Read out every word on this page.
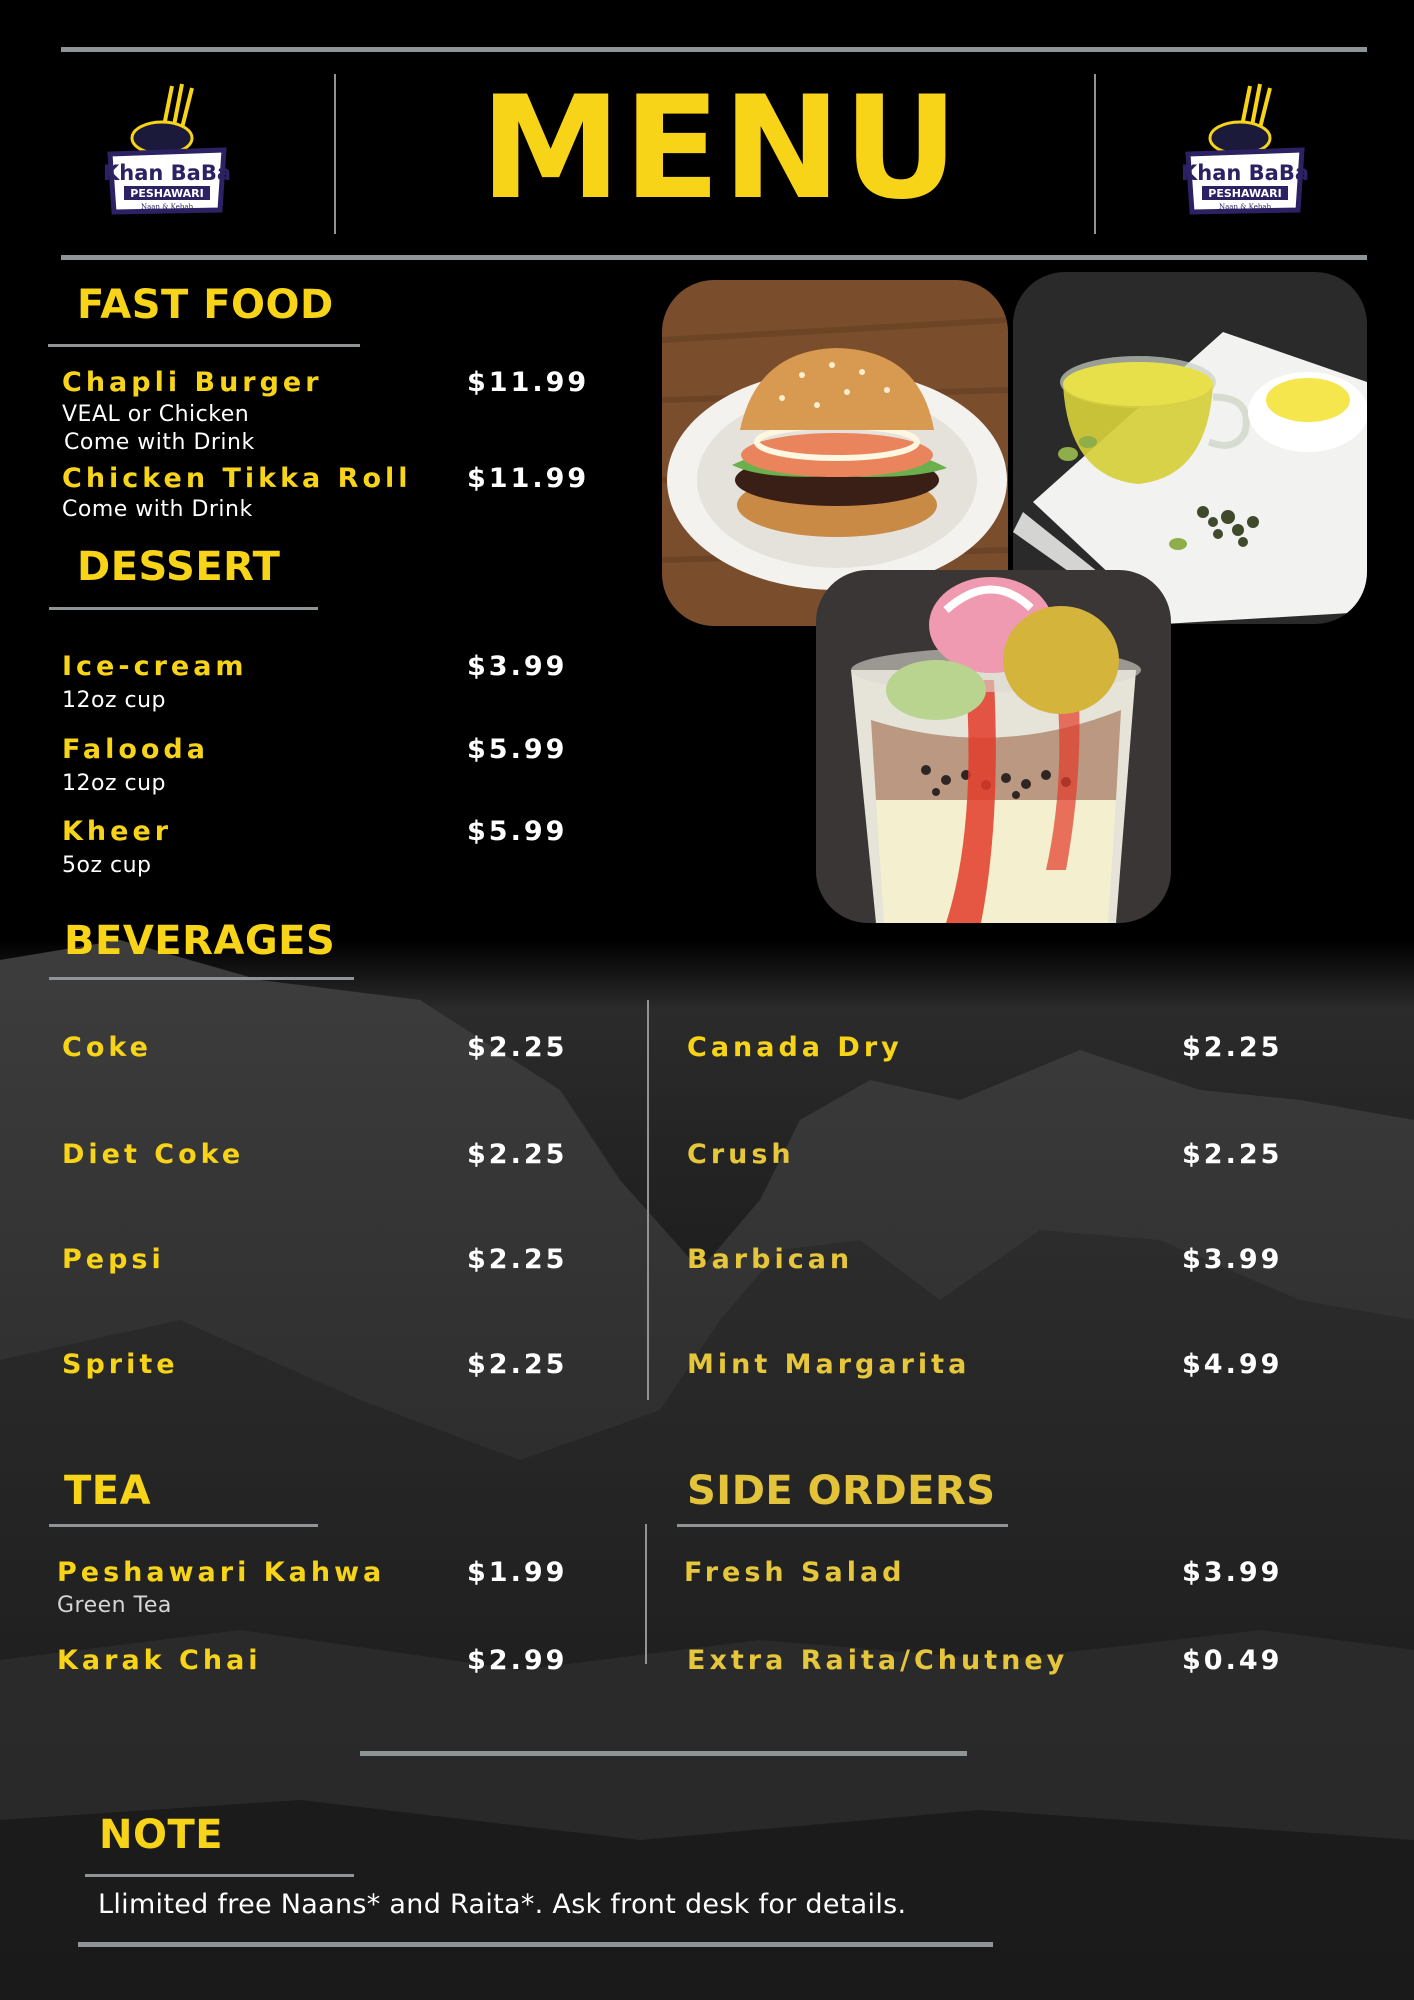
Khan BaBa
PESHAWARI
Naan & Kebab
Khan BaBa
PESHAWARI
Naan & Kebab
MENU
FAST FOOD
Chapli Burger	$11.99
VEAL or Chicken
Come with Drink
Chicken Tikka Roll $11.99
Come with Drink
DESSERT
Ice-cream	$3.99
12oz cup
Falooda	$5.99
12oz cup
Kheer	$5.99
5oz cup
BEVERAGES
Coke	$2.25
Diet Coke	$2.25
Pepsi	$2.25
Sprite	$2.25
Canada Dry	$2.25
Crush	$2.25
Barbican	$3.99
Mint Margarita	$4.99
TEA
Peshawari Kahwa	$1.99
Green Tea
Karak Chai	$2.99
SIDE ORDERS
Fresh Salad	$3.99
Extra Raita/Chutney	$0.49
NOTE
Llimited free Naans* and Raita*. Ask front desk for details.
